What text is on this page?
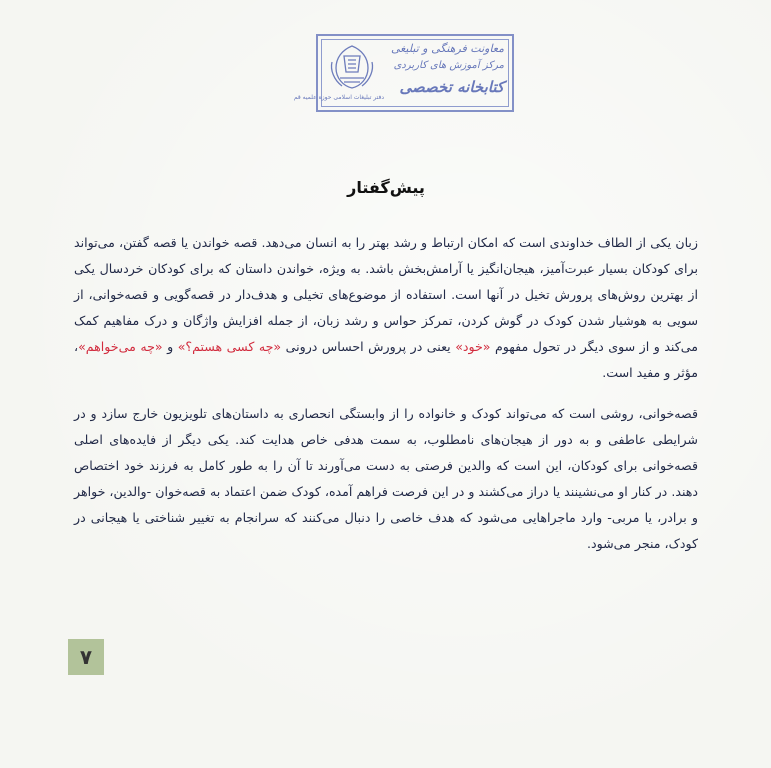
دفتر تبلیغات اسلامی حوزه علمیه قم
معاونت فرهنگی و تبلیغی
مرکز آموزش های کاربردی
کتابخانه تخصصی
پیش‌گفتار

زبان یکی از الطاف خداوندی است که امکان ارتباط و رشد بهتر را به انسان می‌دهد. قصه خواندن یا قصه گفتن، می‌تواند برای کودکان بسیار عبرت‌آمیز، هیجان‌انگیز یا آرامش‌بخش باشد. به ویژه، خواندن داستان که برای کودکان خردسال یکی از بهترین روش‌های پرورش تخیل در آنها است. استفاده از موضوع‌های تخیلی و هدف‌دار در قصه‌گویی و قصه‌خوانی، از سویی به هوشیار شدن کودک در گوش کردن، تمرکز حواس و رشد زبان، از جمله افزایش واژگان و درک مفاهیم کمک می‌کند و از سوی دیگر در تحول مفهوم «خود» یعنی در پرورش احساس درونی «چه کسی هستم؟» و «چه می‌خواهم»، مؤثر و مفید است.

قصه‌خوانی، روشی است که می‌تواند کودک و خانواده را از وابستگی انحصاری به داستان‌های تلویزیون خارج سازد و در شرایطی عاطفی و به دور از هیجان‌های نامطلوب، به سمت هدفی خاص هدایت کند. یکی دیگر از فایده‌های اصلی قصه‌خوانی برای کودکان، این است که والدین فرصتی به دست می‌آورند تا آن را به طور کامل به فرزند خود اختصاص دهند. در کنار او می‌نشینند یا دراز می‌کشند و در این فرصت فراهم آمده، کودک ضمن اعتماد به قصه‌خوان -والدین، خواهر و برادر، یا مربی- وارد ماجراهایی می‌شود که هدف خاصی را دنبال می‌کنند که سرانجام به تغییر شناختی یا هیجانی در کودک، منجر می‌شود.

۷
